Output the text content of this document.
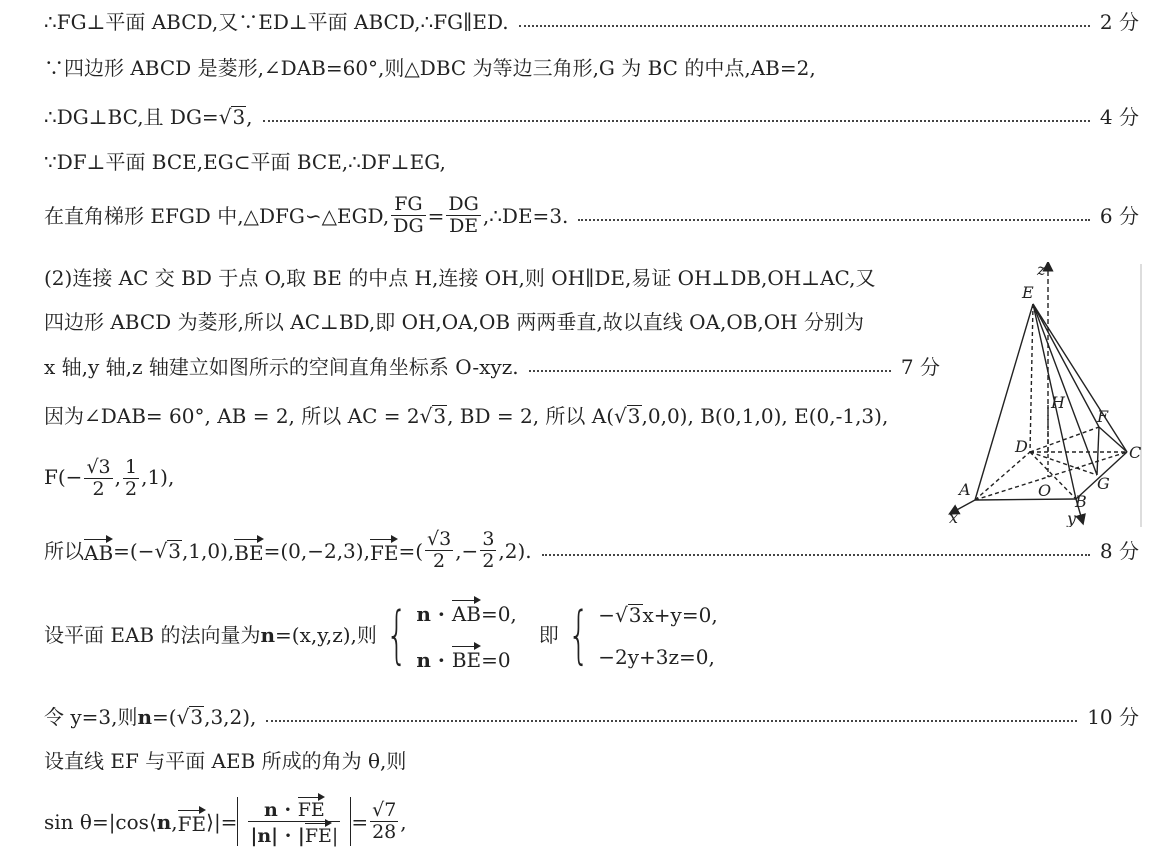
∴FG⊥平面 ABCD,又∵ED⊥平面 ABCD,∴FG∥ED.	2 分
∵四边形 ABCD 是菱形,∠DAB=60°,则△DBC 为等边三角形,G 为 BC 的中点,AB=2,
∴DG⊥BC,且 DG= √ 3 ,	4 分
∵DF⊥平面 BCE,EG⊂平面 BCE,∴DF⊥EG,
在直角梯形 EFGD 中,△DFG∽△EGD, $\frac{FG}{DG} = \frac{DG}{DE}$ ,∴DE=3.	6 分
(2)连接 AC 交 BD 于点 O,取 BE 的中点 H,连接 OH,则 OH∥DE,易证 OH⊥DB,OH⊥AC,又
四边形 ABCD 为菱形,所以 AC⊥BD,即 OH,OA,OB 两两垂直,故以直线 OA,OB,OH 分别为
x 轴,y 轴,z 轴建立如图所示的空间直角坐标系 O-xyz.	7 分
因为∠DAB= 60°, AB = 2, 所以 AC = 2√3, BD = 2, 所以 A(√3,0,0), B(0,1,0), E(0,-1,3),
$F(- \frac{√3}{2}$ , $\frac{1}{2} ,1$),
所以 AB =(− √ 3 ,1,0), BE =(0,−2,3), FE =( $\frac{√3}{2}$ ,− $\frac{3}{2} ,2$).	8 分
设平面 EAB 的法向量为 n =(x,y,z),则 { n · AB=0,
n · BE=0
即 { −√3x+y=0,
−2y+3z=0,
令 y=3,则 n =( √ 3 ,3,2),	10 分
设直线 EF 与平面 AEB 所成的角为 θ,则
sin θ=|cos⟨ n , FE ⟩|= $\frac{n \cdot FE}{|n| \cdot |FE|} = \frac{√7}{28}$ ,
z
E
H
F
D	C
A	O
B
G
x	y
